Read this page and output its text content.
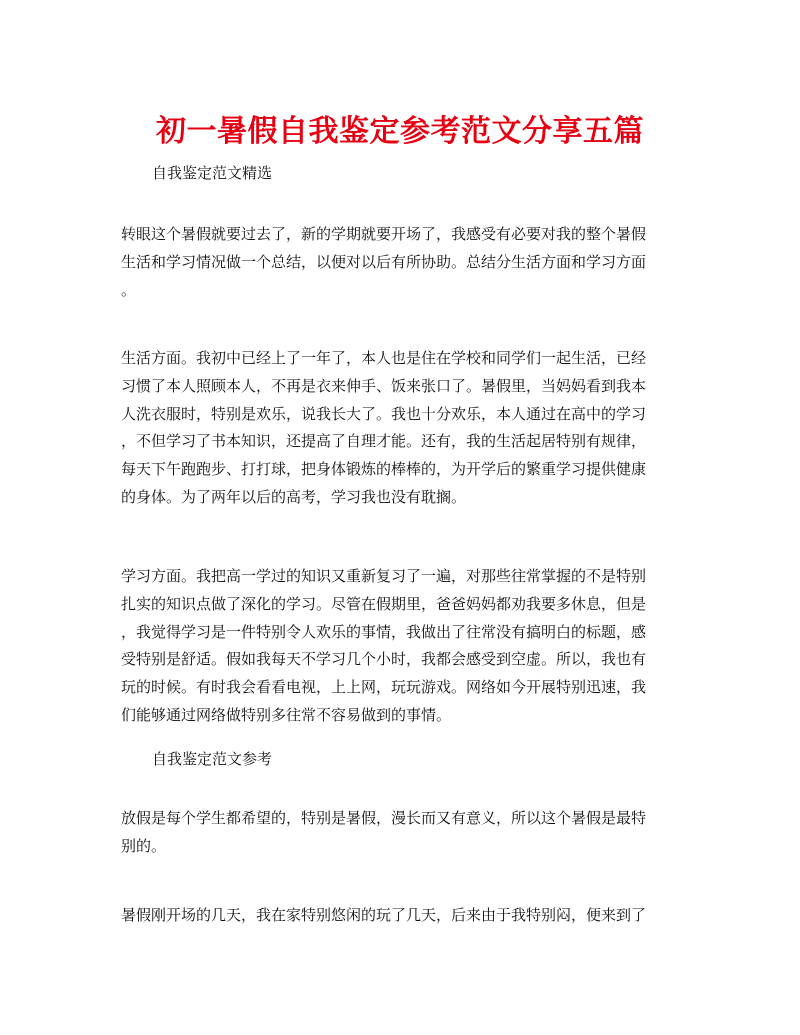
初一暑假自我鉴定参考范文分享五篇

自我鉴定范文精选

转眼这个暑假就要过去了，新的学期就要开场了，我感受有必要对我的整个暑假
生活和学习情况做一个总结，以便对以后有所协助。总结分生活方面和学习方面
。

生活方面。我初中已经上了一年了，本人也是住在学校和同学们一起生活，已经
习惯了本人照顾本人，不再是衣来伸手、饭来张口了。暑假里，当妈妈看到我本
人洗衣服时，特别是欢乐，说我长大了。我也十分欢乐，本人通过在高中的学习
，不但学习了书本知识，还提高了自理才能。还有，我的生活起居特别有规律，
每天下午跑跑步、打打球，把身体锻炼的棒棒的，为开学后的繁重学习提供健康
的身体。为了两年以后的高考，学习我也没有耽搁。

学习方面。我把高一学过的知识又重新复习了一遍，对那些往常掌握的不是特别
扎实的知识点做了深化的学习。尽管在假期里，爸爸妈妈都劝我要多休息，但是
，我觉得学习是一件特别令人欢乐的事情，我做出了往常没有搞明白的标题，感
受特别是舒适。假如我每天不学习几个小时，我都会感受到空虚。所以，我也有
玩的时候。有时我会看看电视，上上网，玩玩游戏。网络如今开展特别迅速，我
们能够通过网络做特别多往常不容易做到的事情。

自我鉴定范文参考

放假是每个学生都希望的，特别是暑假，漫长而又有意义，所以这个暑假是最特
别的。

暑假刚开场的几天，我在家特别悠闲的玩了几天，后来由于我特别闷，便来到了
